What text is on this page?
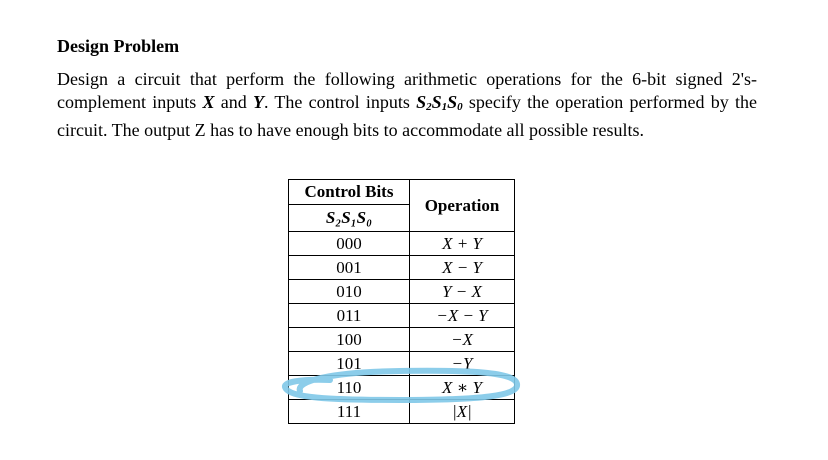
Design Problem

Design a circuit that perform the following arithmetic operations for the 6-bit signed 2's-complement inputs X and Y. The control inputs $S_2S_1S_0$ specify the operation performed by the circuit. The output Z has to have enough bits to accommodate all possible results.

Control Bits	Operation
S₂S₁S₀	
000	X + Y
001	X − Y
010	Y − X
011	−X − Y
100	−X
101	−Y
110	X ∗ Y
111	|X|
